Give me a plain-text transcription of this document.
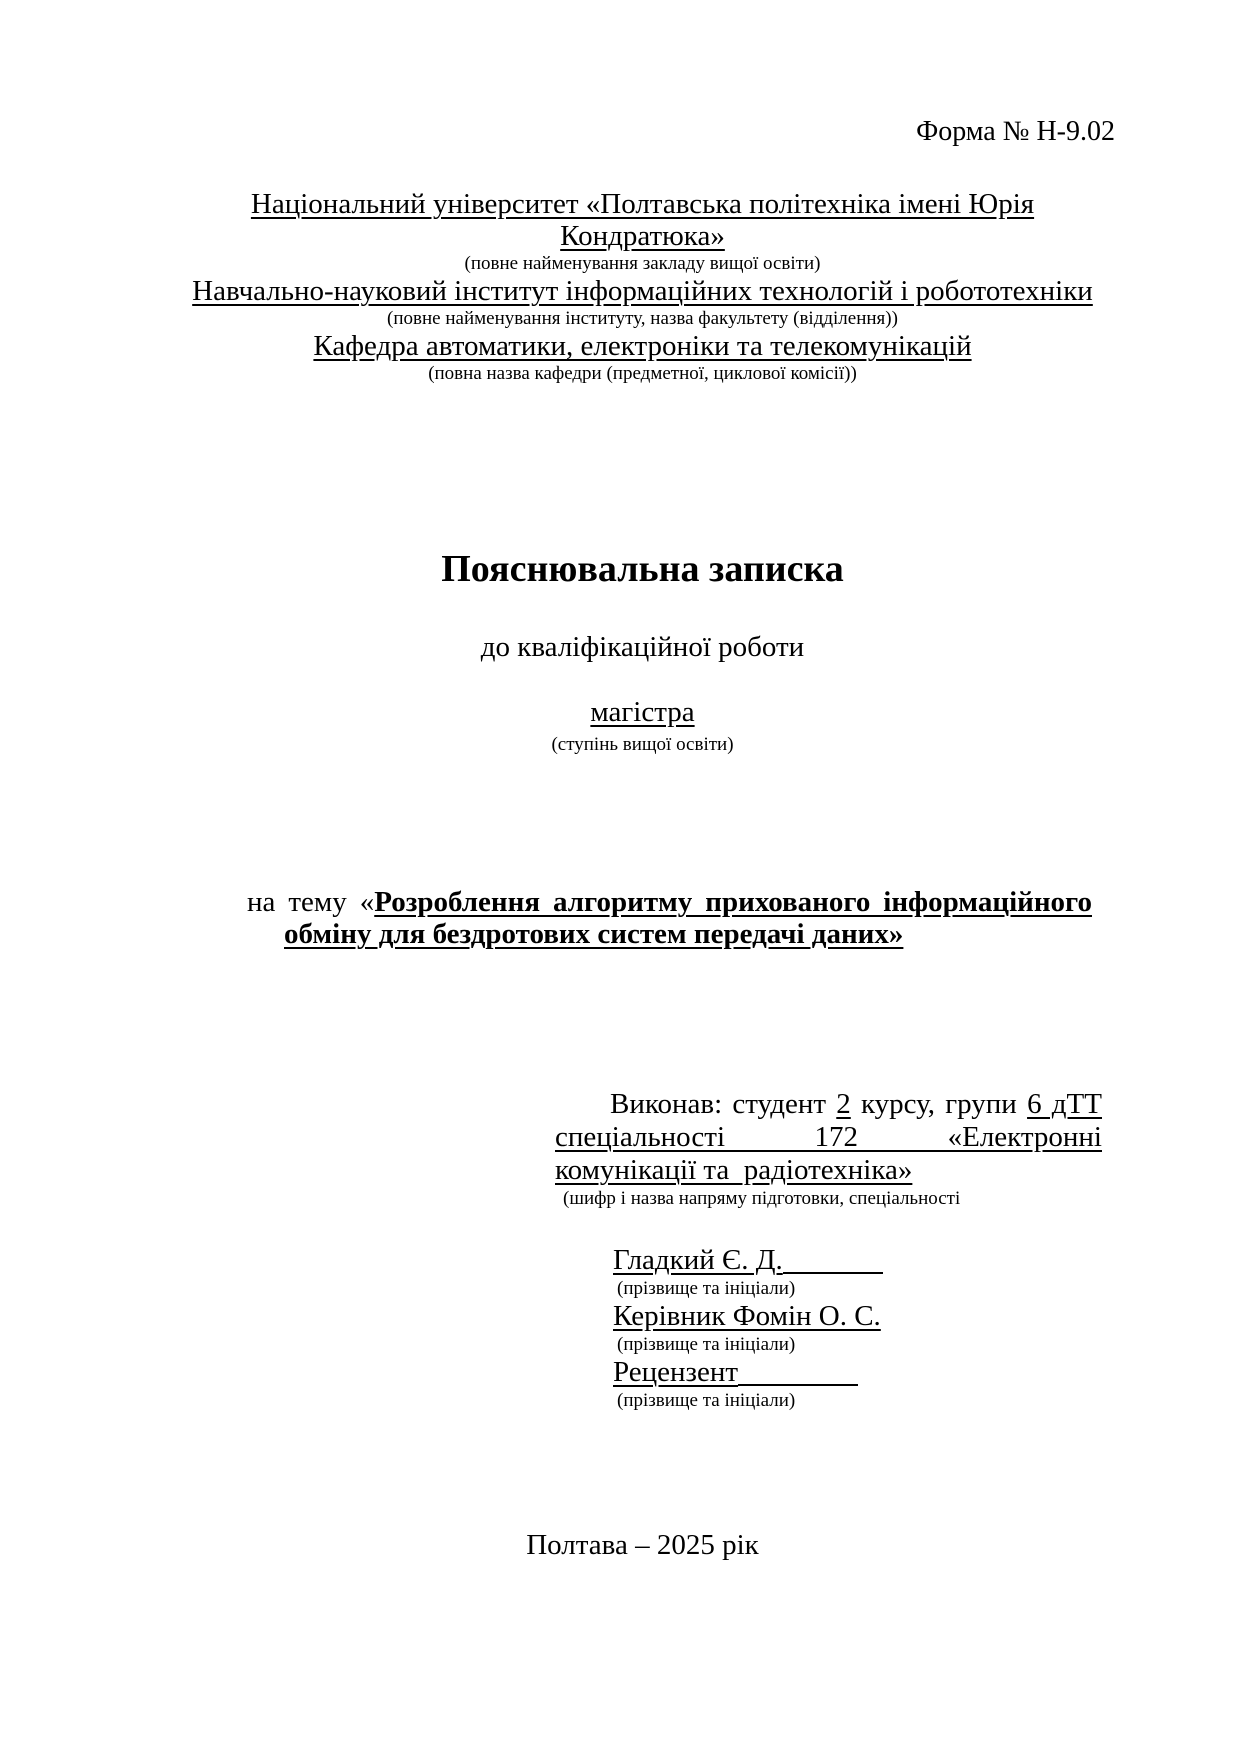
Форма № Н-9.02
Національний університет «Полтавська політехніка імені Юрія
Кондратюка»
(повне найменування закладу вищої освіти)
Навчально-науковий інститут інформаційних технологій і робототехніки
(повне найменування інституту, назва факультету (відділення))
Кафедра автоматики, електроніки та телекомунікацій
(повна назва кафедри (предметної, циклової комісії))
Пояснювальна записка
до кваліфікаційної роботи
магістра
(ступінь вищої освіти)
на тему «Розроблення алгоритму прихованого інформаційного
обміну для бездротових систем передачі даних»
Виконав: студент 2 курсу, групи 6 дТТ
спеціальності 172 «Електронні
комунікації та  радіотехніка»
(шифр і назва напряму підготовки, спеціальності
Гладкий Є. Д.
(прізвище та ініціали)
Керівник Фомін О. С.
(прізвище та ініціали)
Рецензент
(прізвище та ініціали)
Полтава – 2025 рік
